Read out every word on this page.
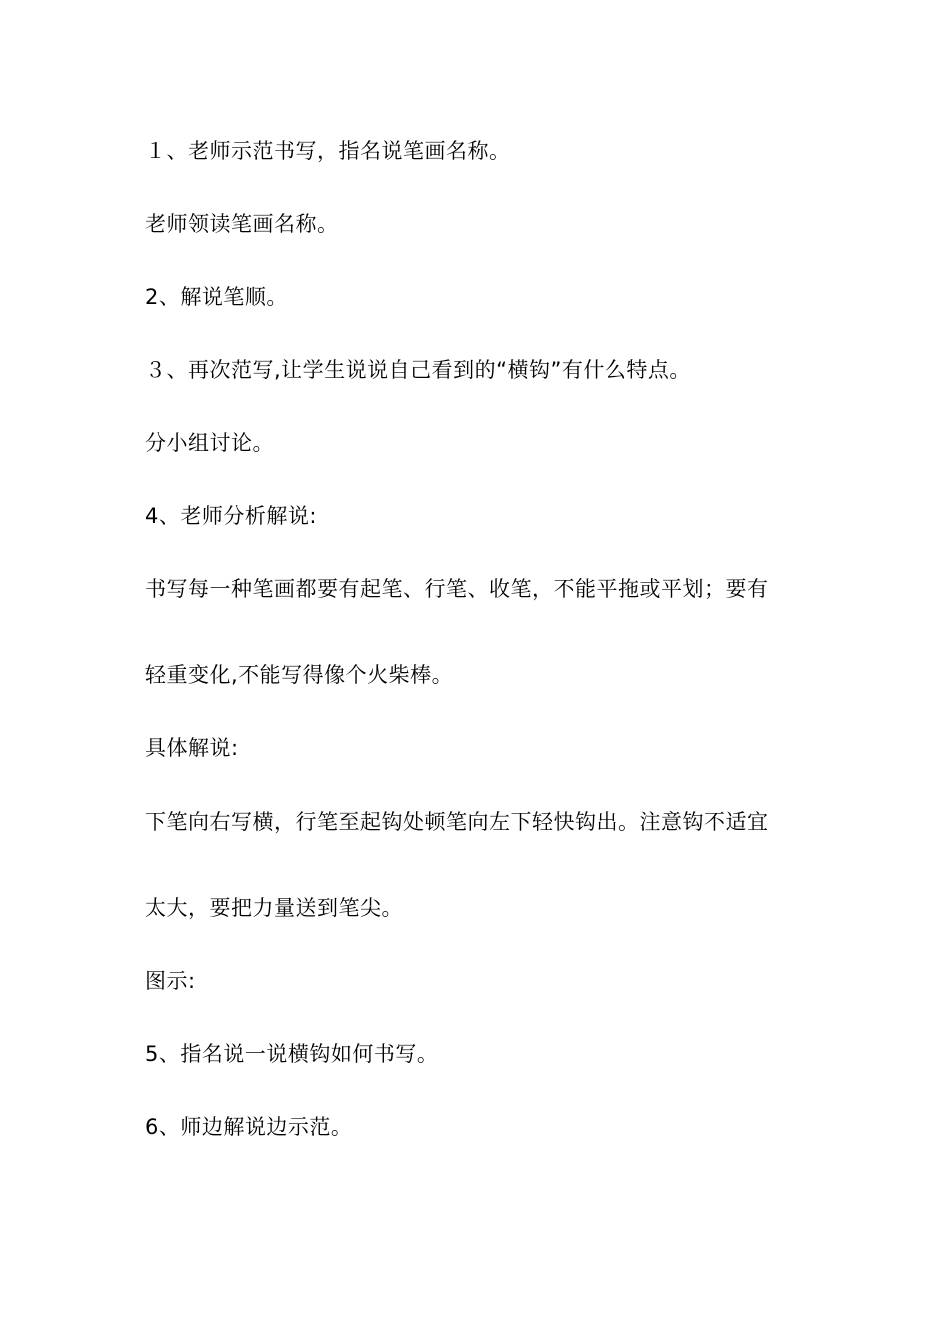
１、老师示范书写，指名说笔画名称。
老师领读笔画名称。
2、解说笔顺。
３、再次范写,让学生说说自己看到的“横钩”有什么特点。
分小组讨论。
4、老师分析解说:
书写每一种笔画都要有起笔、行笔、收笔，不能平拖或平划；要有
轻重变化,不能写得像个火柴棒。
具体解说:
下笔向右写横，行笔至起钩处顿笔向左下轻快钩出。注意钩不适宜
太大，要把力量送到笔尖。
图示:
5、指名说一说横钩如何书写。
6、师边解说边示范。
